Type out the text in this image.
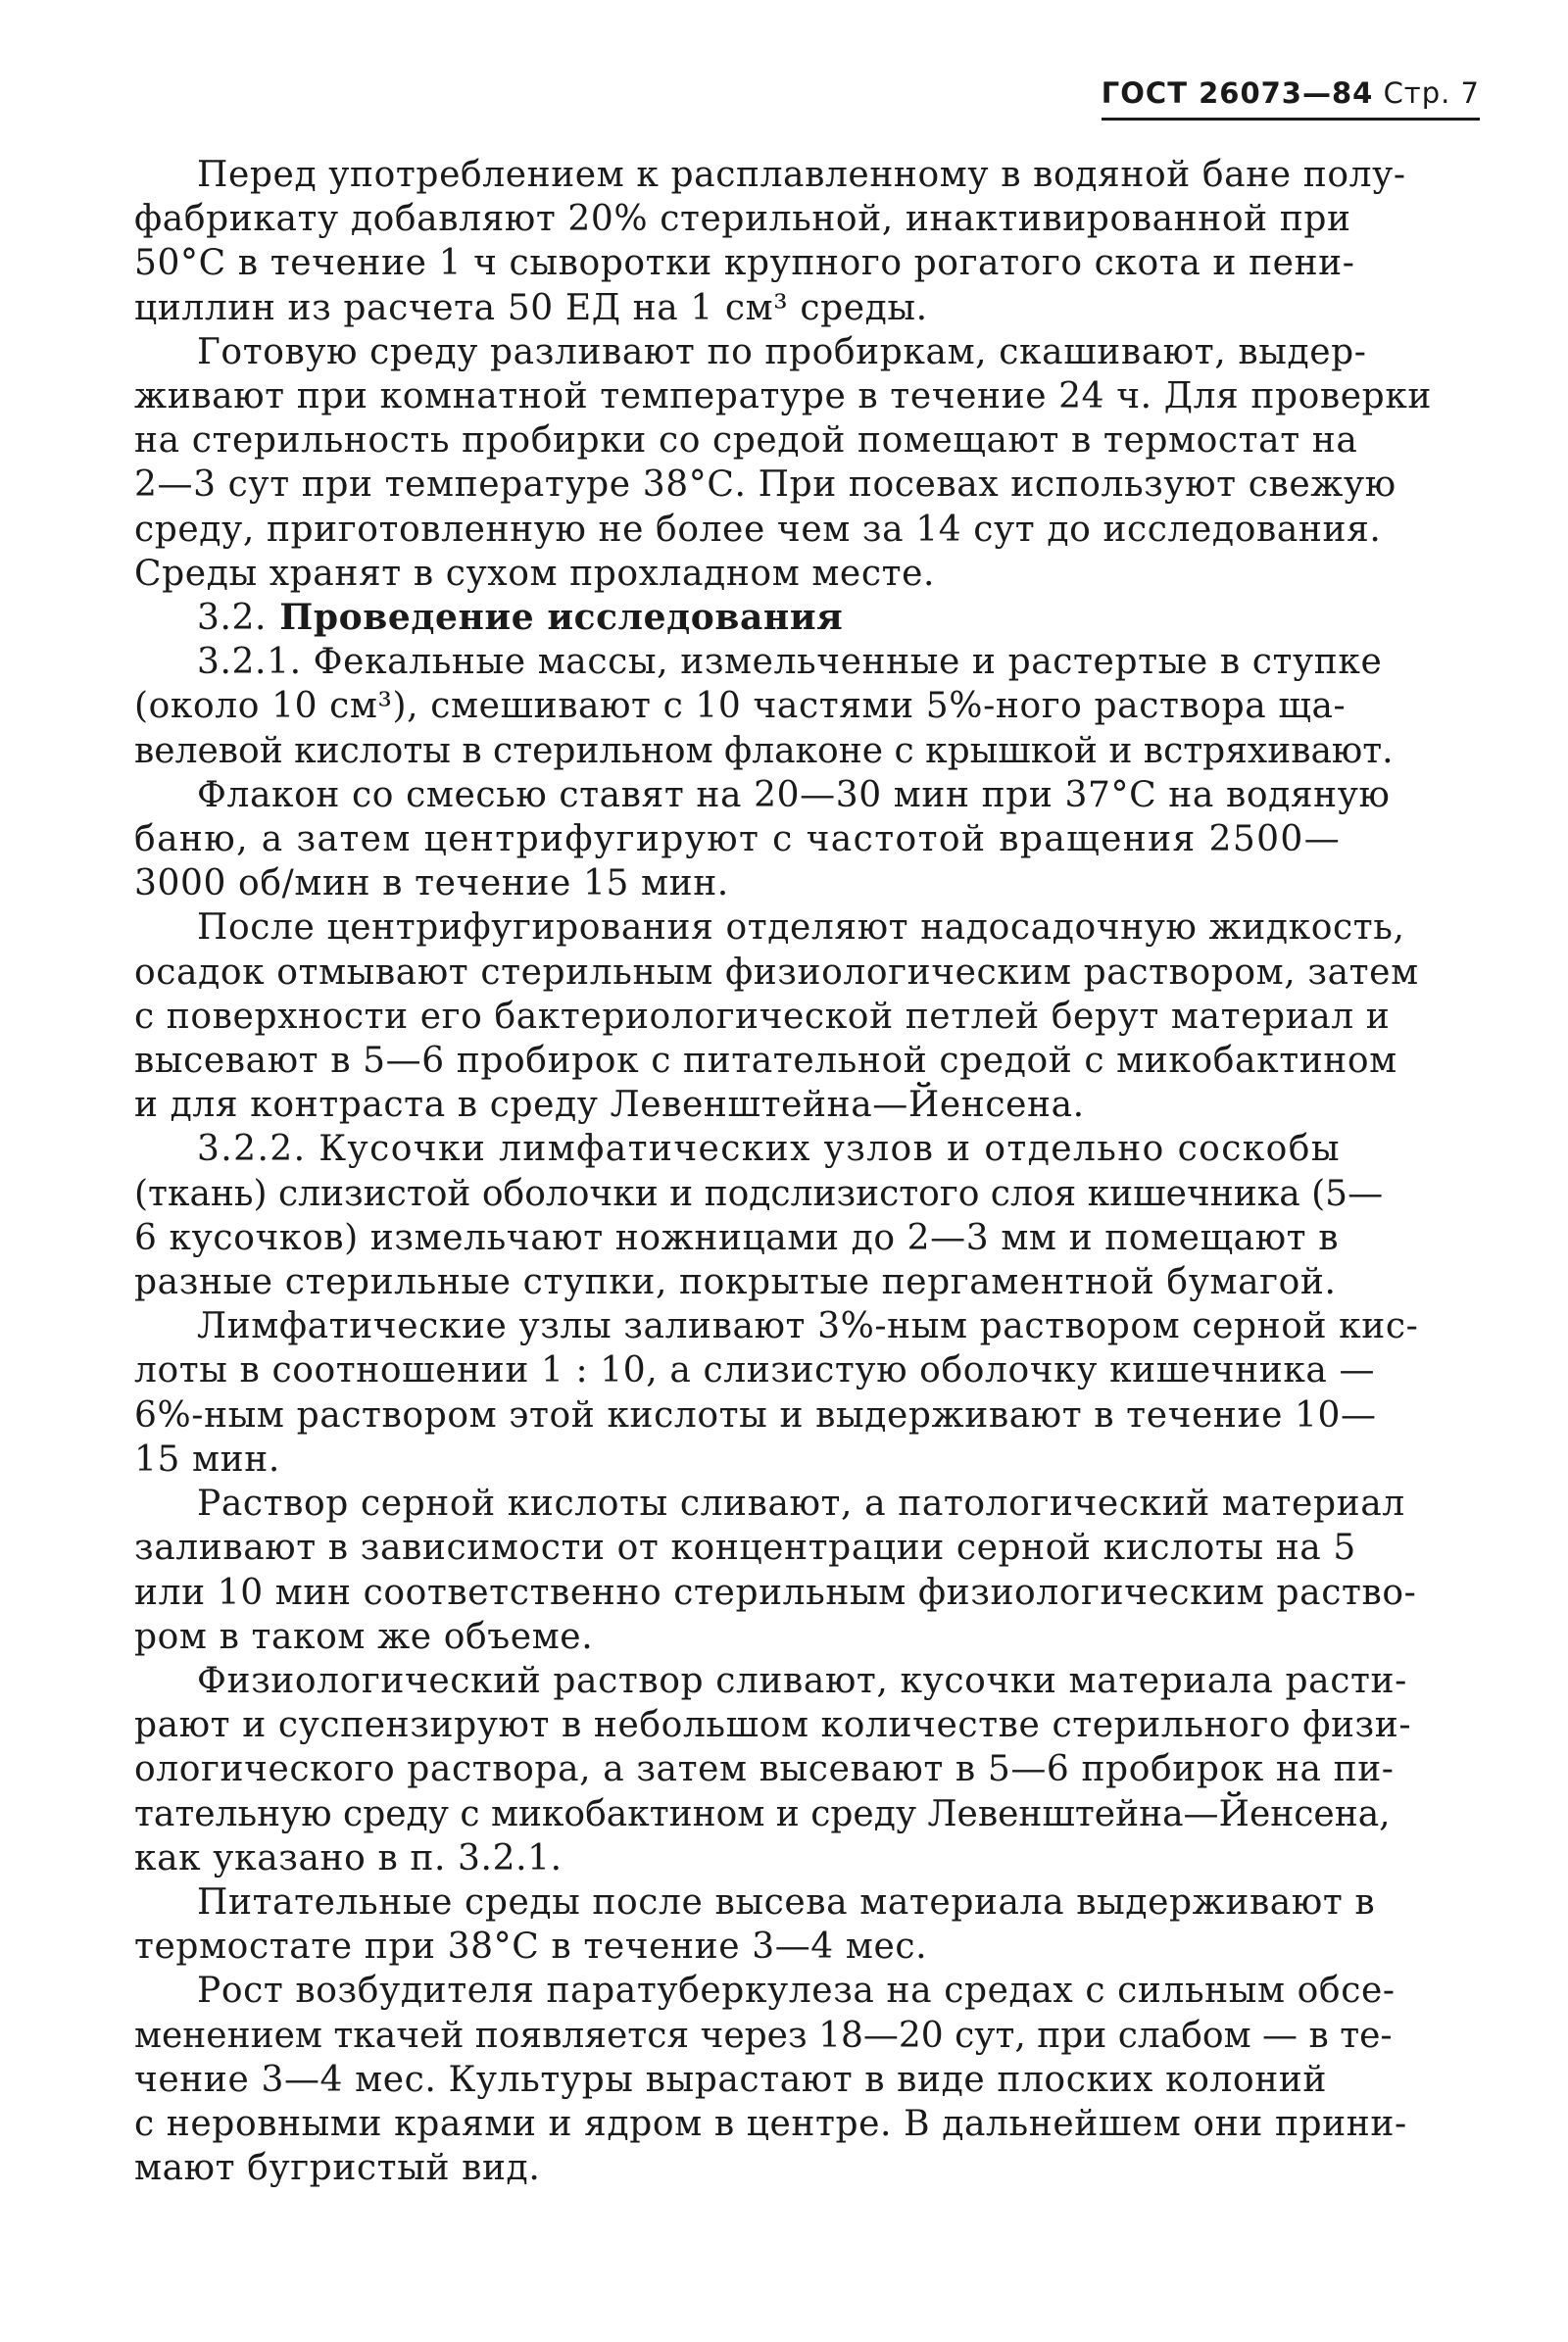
ГОСТ 26073—84 Стр. 7

Перед употреблением к расплавленному в водяной бане полу-
фабрикату добавляют 20% стерильной, инактивированной при
50°С в течение 1 ч сыворотки крупного рогатого скота и пени-
циллин из расчета 50 ЕД на 1 см³ среды.

Готовую среду разливают по пробиркам, скашивают, выдер-
живают при комнатной температуре в течение 24 ч. Для проверки
на стерильность пробирки со средой помещают в термостат на
2—3 сут при температуре 38°С. При посевах используют свежую
среду, приготовленную не более чем за 14 сут до исследования.
Среды хранят в сухом прохладном месте.

3.2. Проведение исследования

3.2.1. Фекальные массы, измельченные и растертые в ступке
(около 10 см³), смешивают с 10 частями 5%-ного раствора ща-
велевой кислоты в стерильном флаконе с крышкой и встряхивают.

Флакон со смесью ставят на 20—30 мин при 37°С на водяную
баню, а затем центрифугируют с частотой вращения 2500—
3000 об/мин в течение 15 мин.

После центрифугирования отделяют надосадочную жидкость,
осадок отмывают стерильным физиологическим раствором, затем
с поверхности его бактериологической петлей берут материал и
высевают в 5—6 пробирок с питательной средой с микобактином
и для контраста в среду Левенштейна—Йенсена.

3.2.2. Кусочки лимфатических узлов и отдельно соскобы
(ткань) слизистой оболочки и подслизистого слоя кишечника (5—
6 кусочков) измельчают ножницами до 2—3 мм и помещают в
разные стерильные ступки, покрытые пергаментной бумагой.

Лимфатические узлы заливают 3%-ным раствором серной кис-
лоты в соотношении 1 : 10, а слизистую оболочку кишечника —
6%-ным раствором этой кислоты и выдерживают в течение 10—
15 мин.

Раствор серной кислоты сливают, а патологический материал
заливают в зависимости от концентрации серной кислоты на 5
или 10 мин соответственно стерильным физиологическим раство-
ром в таком же объеме.

Физиологический раствор сливают, кусочки материала расти-
рают и суспензируют в небольшом количестве стерильного физи-
ологического раствора, а затем высевают в 5—6 пробирок на пи-
тательную среду с микобактином и среду Левенштейна—Йенсена,
как указано в п. 3.2.1.

Питательные среды после высева материала выдерживают в
термостате при 38°С в течение 3—4 мес.

Рост возбудителя паратуберкулеза на средах с сильным обсе-
менением ткачей появляется через 18—20 сут, при слабом — в те-
чение 3—4 мес. Культуры вырастают в виде плоских колоний
с неровными краями и ядром в центре. В дальнейшем они прини-
мают бугристый вид.
